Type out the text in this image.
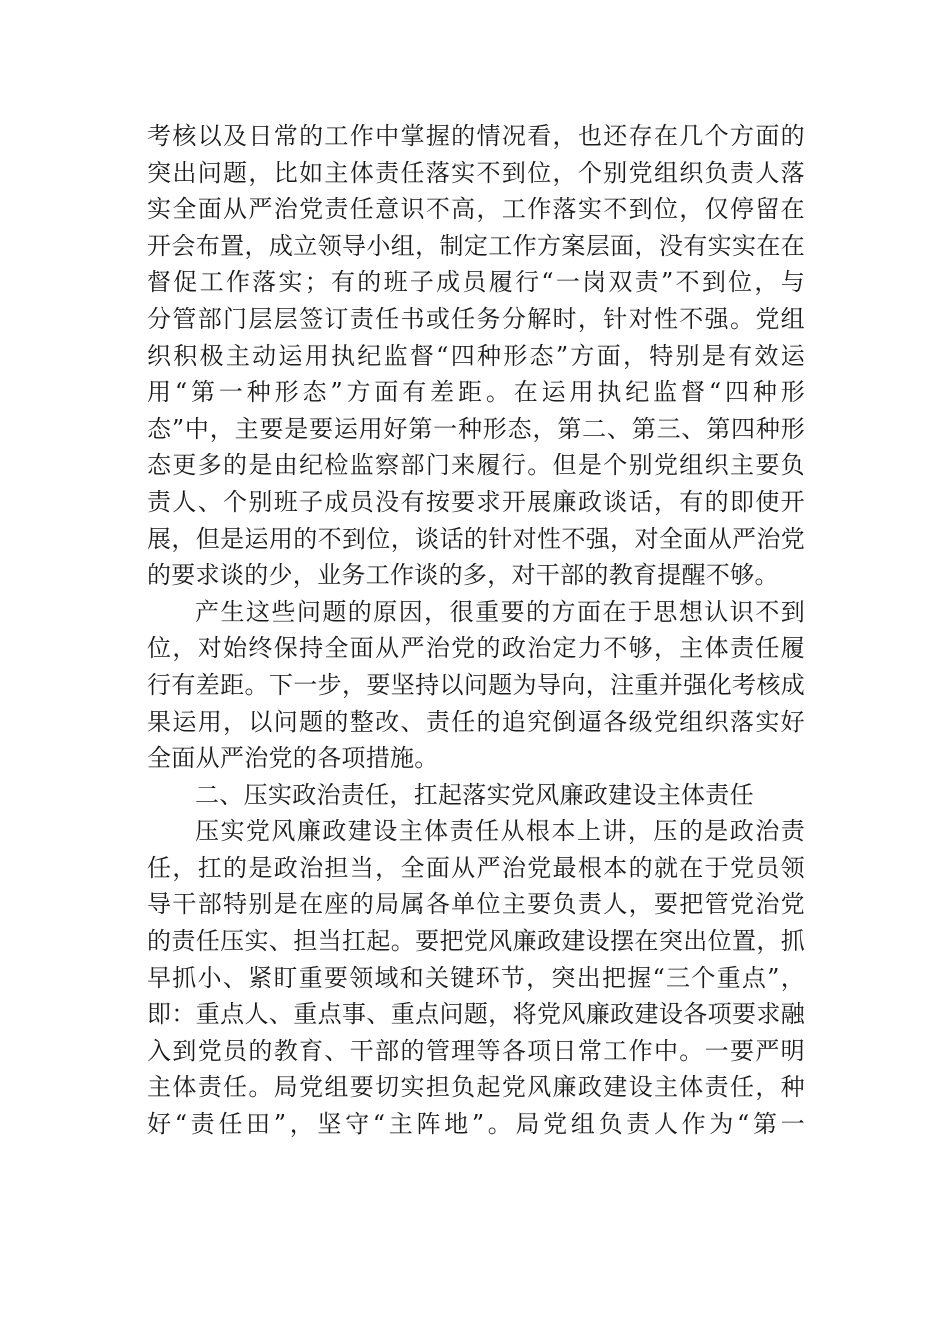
考核以及日常的工作中掌握的情况看，也还存在几个方面的
突出问题，比如主体责任落实不到位，个别党组织负责人落
实全面从严治党责任意识不高，工作落实不到位，仅停留在
开会布置，成立领导小组，制定工作方案层面，没有实实在在
督促工作落实；有的班子成员履行“一岗双责”不到位，与
分管部门层层签订责任书或任务分解时，针对性不强。党组
织积极主动运用执纪监督“四种形态”方面，特别是有效运
用“第一种形态”方面有差距。在运用执纪监督“四种形
态”中，主要是要运用好第一种形态，第二、第三、第四种形
态更多的是由纪检监察部门来履行。但是个别党组织主要负
责人、个别班子成员没有按要求开展廉政谈话，有的即使开
展，但是运用的不到位，谈话的针对性不强，对全面从严治党
的要求谈的少，业务工作谈的多，对干部的教育提醒不够。
产生这些问题的原因，很重要的方面在于思想认识不到
位，对始终保持全面从严治党的政治定力不够，主体责任履
行有差距。下一步，要坚持以问题为导向，注重并强化考核成
果运用，以问题的整改、责任的追究倒逼各级党组织落实好
全面从严治党的各项措施。
二、压实政治责任，扛起落实党风廉政建设主体责任
压实党风廉政建设主体责任从根本上讲，压的是政治责
任，扛的是政治担当，全面从严治党最根本的就在于党员领
导干部特别是在座的局属各单位主要负责人，要把管党治党
的责任压实、担当扛起。要把党风廉政建设摆在突出位置，抓
早抓小、紧盯重要领域和关键环节，突出把握“三个重点”，
即：重点人、重点事、重点问题，将党风廉政建设各项要求融
入到党员的教育、干部的管理等各项日常工作中。一要严明
主体责任。局党组要切实担负起党风廉政建设主体责任，种
好“责任田”，坚守“主阵地”。局党组负责人作为“第一
